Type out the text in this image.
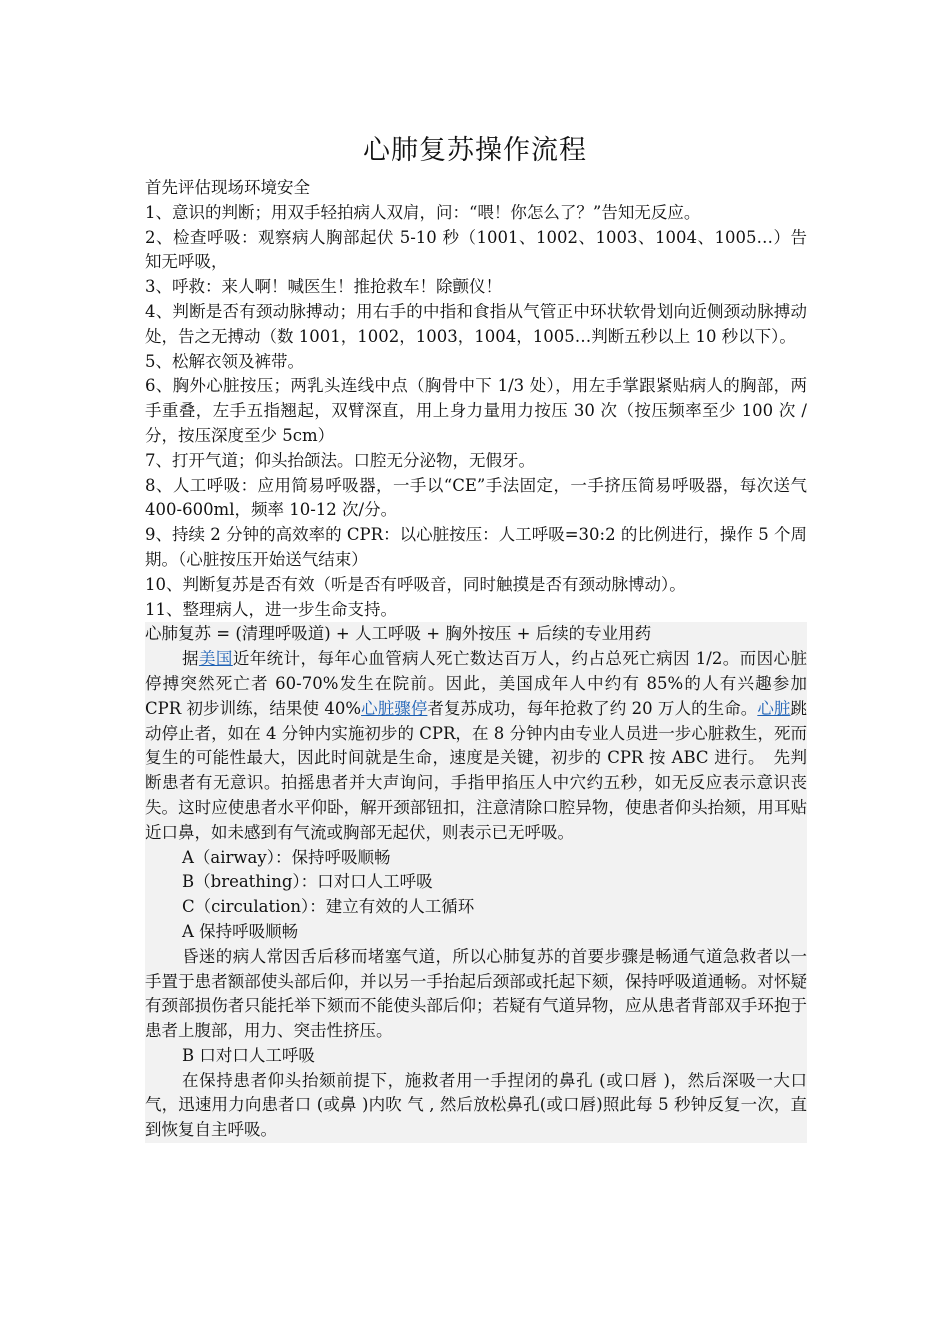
心肺复苏操作流程

首先评估现场环境安全

1、意识的判断；用双手轻拍病人双肩，问：“喂！你怎么了？”告知无反应。

2、检查呼吸：观察病人胸部起伏 5-10 秒（1001、1002、1003、1004、1005…）告知无呼吸，

3、呼救：来人啊！喊医生！推抢救车！除颤仪！

4、判断是否有颈动脉搏动；用右手的中指和食指从气管正中环状软骨划向近侧颈动脉搏动处，告之无搏动（数 1001，1002，1003，1004，1005…判断五秒以上 10 秒以下）。

5、松解衣领及裤带。

6、胸外心脏按压；两乳头连线中点（胸骨中下 1/3 处），用左手掌跟紧贴病人的胸部，两手重叠，左手五指翘起，双臂深直，用上身力量用力按压 30 次（按压频率至少 100 次 / 分，按压深度至少 5cm）

7、打开气道；仰头抬颌法。口腔无分泌物，无假牙。

8、人工呼吸：应用简易呼吸器，一手以“CE”手法固定，一手挤压简易呼吸器，每次送气 400-600ml，频率 10-12 次/分。

9、持续 2 分钟的高效率的 CPR：以心脏按压：人工呼吸=30:2 的比例进行，操作 5 个周期。（心脏按压开始送气结束）

10、判断复苏是否有效（听是否有呼吸音，同时触摸是否有颈动脉博动）。

11、整理病人，进一步生命支持。

心肺复苏 = (清理呼吸道) + 人工呼吸 + 胸外按压 + 后续的专业用药

据美国近年统计，每年心血管病人死亡数达百万人，约占总死亡病因 1/2。而因心脏停搏突然死亡者 60-70%发生在院前。因此，美国成年人中约有 85%的人有兴趣参加 CPR 初步训练，结果使 40%心脏骤停者复苏成功，每年抢救了约 20 万人的生命。心脏跳动停止者，如在 4 分钟内实施初步的 CPR，在 8 分钟内由专业人员进一步心脏救生，死而复生的可能性最大，因此时间就是生命，速度是关键，初步的 CPR 按 ABC 进行。　先判断患者有无意识。拍摇患者并大声询问，手指甲掐压人中穴约五秒，如无反应表示意识丧失。这时应使患者水平仰卧，解开颈部钮扣，注意清除口腔异物，使患者仰头抬颏，用耳贴近口鼻，如未感到有气流或胸部无起伏，则表示已无呼吸。

A（airway）：保持呼吸顺畅

B（breathing）：口对口人工呼吸

C（circulation）：建立有效的人工循环

A 保持呼吸顺畅

昏迷的病人常因舌后移而堵塞气道，所以心肺复苏的首要步骤是畅通气道急救者以一手置于患者额部使头部后仰，并以另一手抬起后颈部或托起下颏，保持呼吸道通畅。对怀疑有颈部损伤者只能托举下颏而不能使头部后仰；若疑有气道异物，应从患者背部双手环抱于患者上腹部，用力、突击性挤压。

B 口对口人工呼吸

在保持患者仰头抬颏前提下，施救者用一手捏闭的鼻孔 (或口唇 )，然后深吸一大口气，迅速用力向患者口 (或鼻 )内吹 气 , 然后放松鼻孔(或口唇)照此每 5 秒钟反复一次，直到恢复自主呼吸。
